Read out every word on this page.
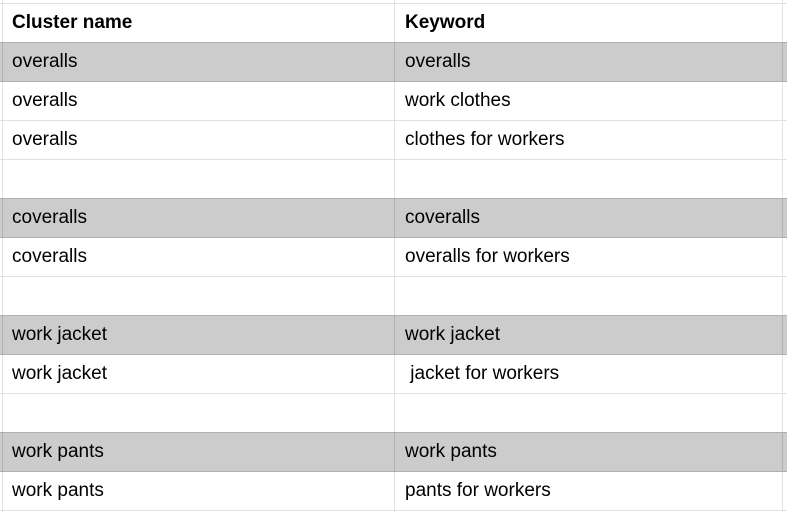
Cluster name	Keyword
overalls	overalls
overalls	work clothes
overalls	clothes for workers
coveralls	coveralls
coveralls	overalls for workers
work jacket	work jacket
work jacket	jacket for workers
work pants	work pants
work pants	pants for workers
